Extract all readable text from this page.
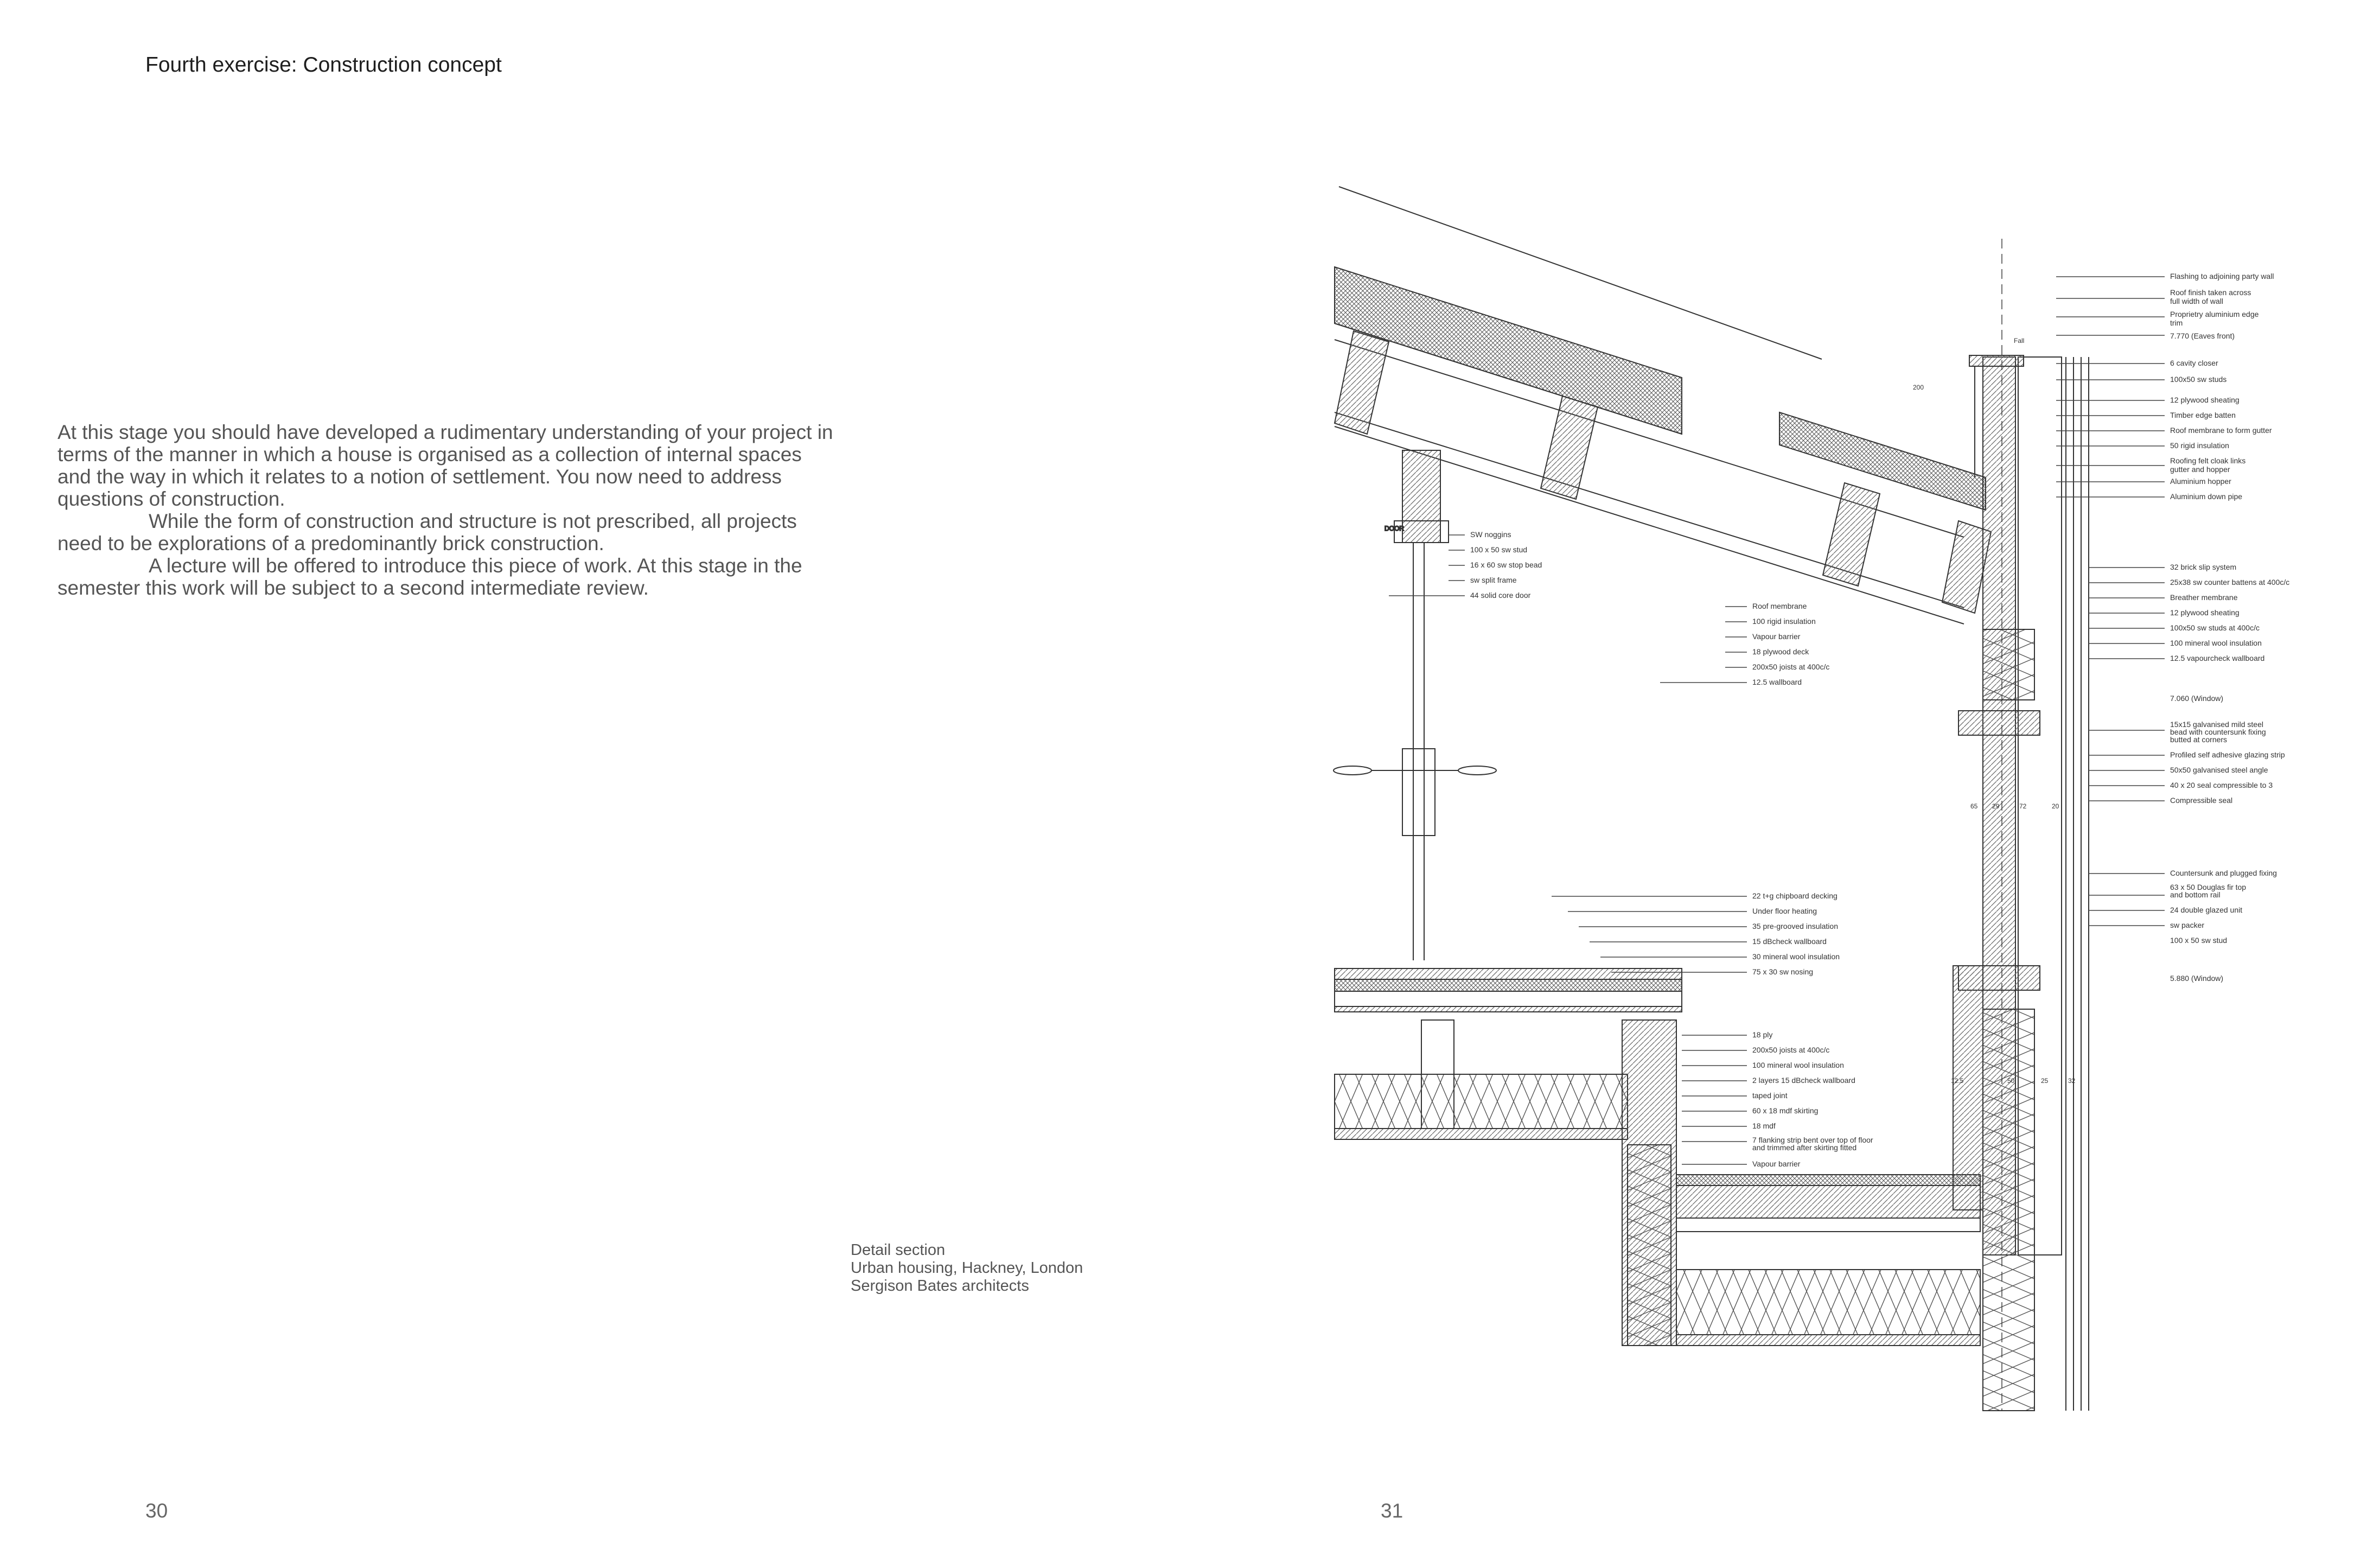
Fourth exercise: Construction concept

At this stage you should have developed a rudimentary understanding of your project in terms of the manner in which a house is organised as a collection of internal spaces and the way in which it relates to a notion of settlement. You now need to address questions of construction.

While the form of construction and structure is not prescribed, all projects need to be explorations of a predominantly brick construction.

A lecture will be offered to introduce this piece of work. At this stage in the semester this work will be subject to a second intermediate review.

Detail section
Urban housing, Hackney, London
Sergison Bates architects
30	31
DOOR
Fall
200
65 29	72	20
12.5	50	25	32
Flashing to adjoining party wall
Roof finish taken across
full width of wall
Proprietry aluminium edge
trim
7.770 (Eaves front)
6 cavity closer
100x50 sw studs
12 plywood sheating
Timber edge batten
Roof membrane to form gutter
50 rigid insulation
Roofing felt cloak links
gutter and hopper
Aluminium hopper
Aluminium down pipe
32 brick slip system
25x38 sw counter battens at 400c/c
Breather membrane
12 plywood sheating
100x50 sw studs at 400c/c
100 mineral wool insulation
12.5 vapourcheck wallboard
7.060 (Window)
15x15 galvanised mild steel
bead with countersunk fixing
butted at corners
Profiled self adhesive glazing strip
50x50 galvanised steel angle
40 x 20 seal compressible to 3
Compressible seal
Countersunk and plugged fixing
63 x 50 Douglas fir top
and bottom rail
24 double glazed unit
sw packer
100 x 50 sw stud
5.880 (Window)
SW noggins
100 x 50 sw stud
16 x 60 sw stop bead
sw split frame
44 solid core door
Roof membrane
100 rigid insulation
Vapour barrier
18 plywood deck
200x50 joists at 400c/c
12.5 wallboard
22 t+g chipboard decking
Under floor heating
35 pre-grooved insulation
15 dBcheck wallboard
30 mineral wool insulation
75 x 30 sw nosing
18 ply
200x50 joists at 400c/c
100 mineral wool insulation
2 layers 15 dBcheck wallboard
taped joint
60 x 18 mdf skirting
18 mdf
7 flanking strip bent over top of floor
and trimmed after skirting fitted
Vapour barrier
